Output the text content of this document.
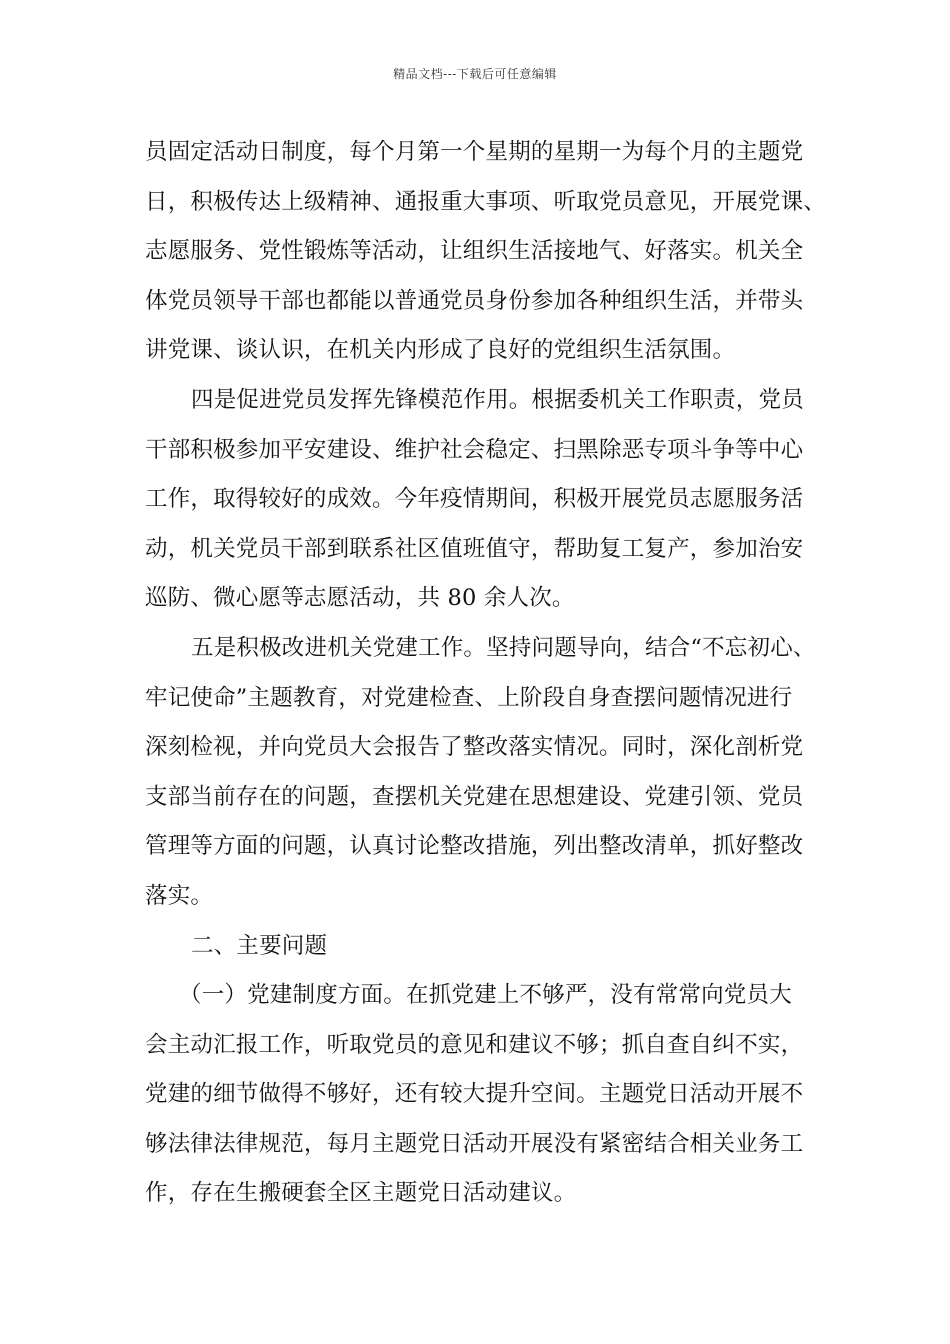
精品文档---下载后可任意编辑
员固定活动日制度，每个月第一个星期的星期一为每个月的主题党
日，积极传达上级精神、通报重大事项、听取党员意见，开展党课、
志愿服务、党性锻炼等活动，让组织生活接地气、好落实。机关全
体党员领导干部也都能以普通党员身份参加各种组织生活，并带头
讲党课、谈认识，在机关内形成了良好的党组织生活氛围。
四是促进党员发挥先锋模范作用。根据委机关工作职责，党员
干部积极参加平安建设、维护社会稳定、扫黑除恶专项斗争等中心
工作，取得较好的成效。今年疫情期间，积极开展党员志愿服务活
动，机关党员干部到联系社区值班值守，帮助复工复产，参加治安
巡防、微心愿等志愿活动，共 80 余人次。
五是积极改进机关党建工作。坚持问题导向，结合“不忘初心、
牢记使命”主题教育，对党建检查、上阶段自身查摆问题情况进行
深刻检视，并向党员大会报告了整改落实情况。同时，深化剖析党
支部当前存在的问题，查摆机关党建在思想建设、党建引领、党员
管理等方面的问题，认真讨论整改措施，列出整改清单，抓好整改
落实。
二、主要问题
（一）党建制度方面。在抓党建上不够严，没有常常向党员大
会主动汇报工作，听取党员的意见和建议不够；抓自查自纠不实，
党建的细节做得不够好，还有较大提升空间。主题党日活动开展不
够法律法律规范，每月主题党日活动开展没有紧密结合相关业务工
作，存在生搬硬套全区主题党日活动建议。
